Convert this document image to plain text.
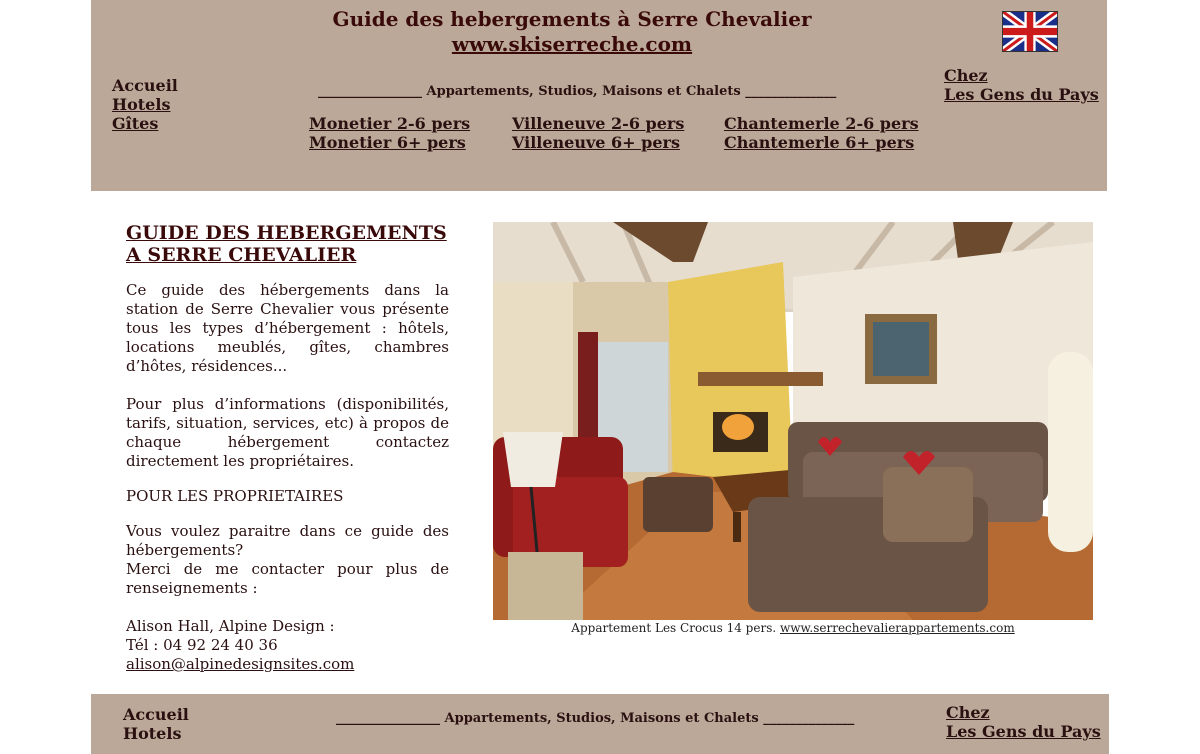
Guide des hebergements à Serre Chevalier
www.skiserreche.com
Accueil
Hotels
Gîtes
________________ Appartements, Studios, Maisons et Chalets ______________
Monetier 2-6 pers
Monetier 6+ pers
Villeneuve 2-6 pers
Villeneuve 6+ pers
Chantemerle 2-6 pers
Chantemerle 6+ pers
Chez
Les Gens du Pays
GUIDE DES HEBERGEMENTS
A SERRE CHEVALIER

Ce guide des hébergements dans la station de Serre Chevalier vous présente tous les types d’hébergement : hôtels, locations meublés, gîtes, chambres d’hôtes, résidences...

Pour plus d’informations (disponibilités, tarifs, situation, services, etc) à propos de chaque hébergement contactez directement les propriétaires.

POUR LES PROPRIETAIRES

Vous voulez paraitre dans ce guide des hébergements?

Merci de me contacter pour plus de renseignements :

Alison Hall, Alpine Design :

Tél : 04 92 24 40 36

alison@alpinedesignsites.com

Appartement Les Crocus 14 pers. www.serrechevalierappartements.com
Accueil
Hotels
________________ Appartements, Studios, Maisons et Chalets ______________	Chez
Les Gens du Pays
